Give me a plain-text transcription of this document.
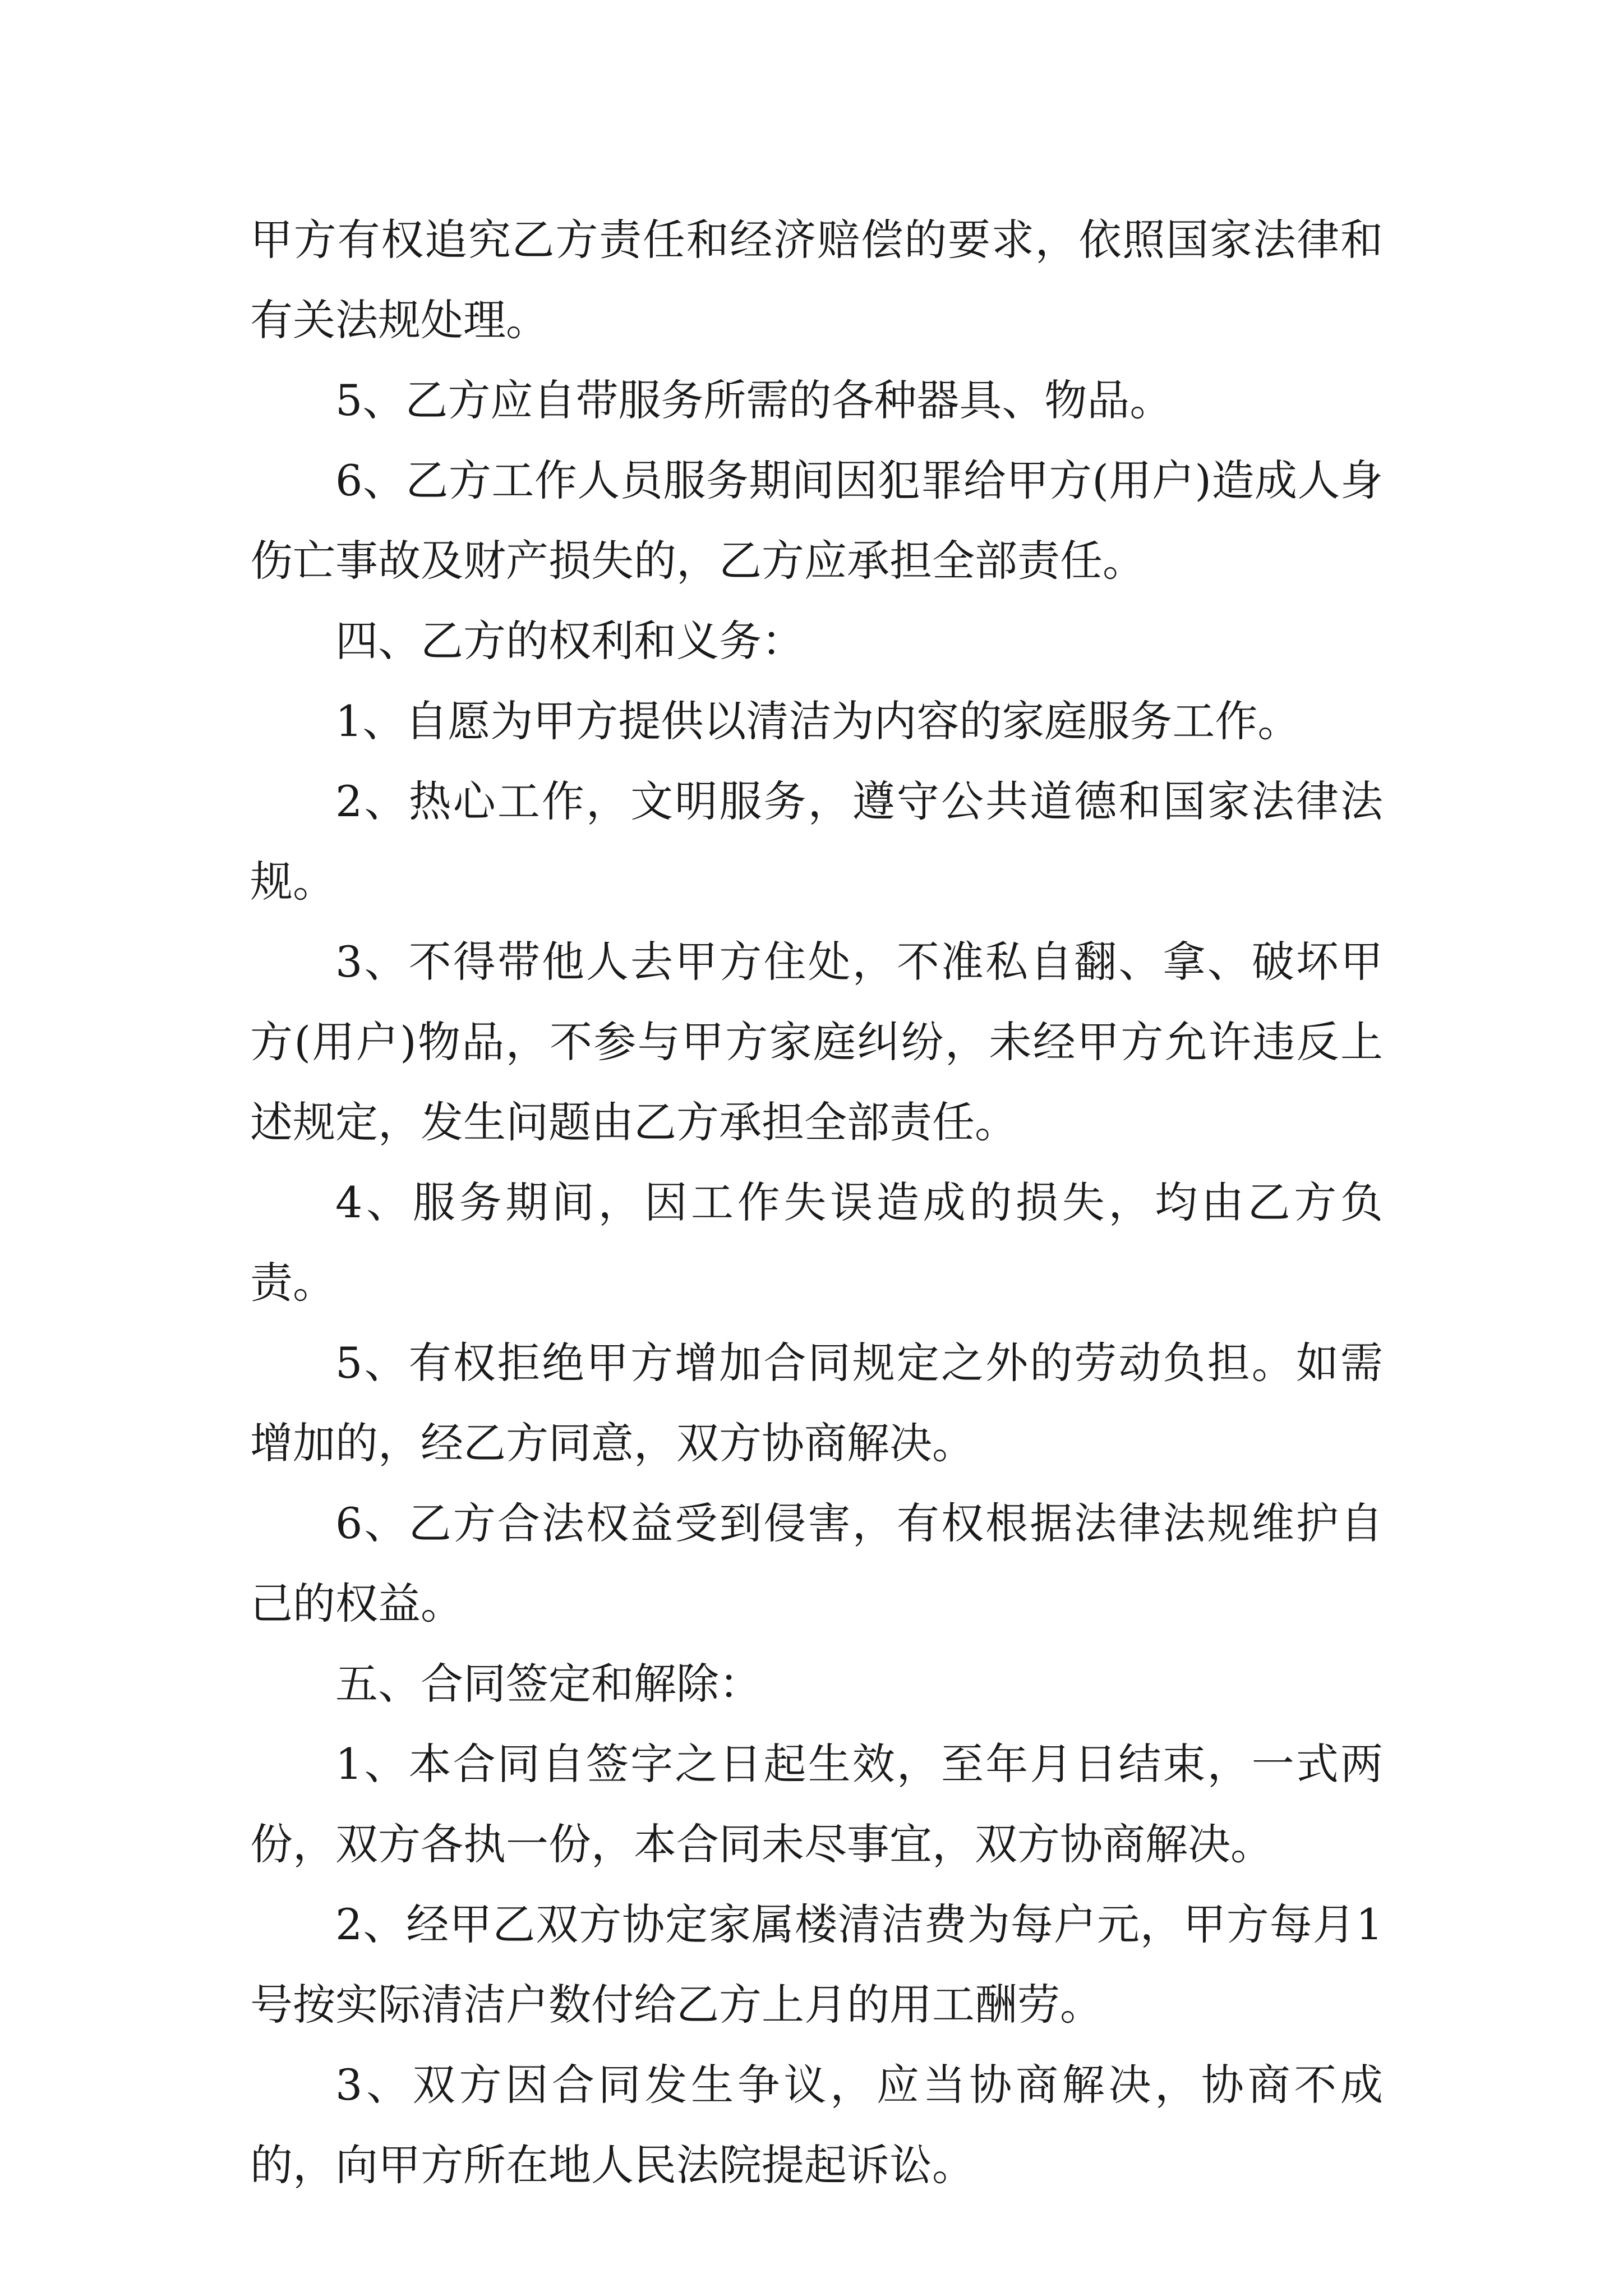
甲方有权追究乙方责任和经济赔偿的要求，依照国家法律和有关法规处理。

5、乙方应自带服务所需的各种器具、物品。

6、乙方工作人员服务期间因犯罪给甲方(用户)造成人身伤亡事故及财产损失的，乙方应承担全部责任。

四、乙方的权利和义务：

1、自愿为甲方提供以清洁为内容的家庭服务工作。

2、热心工作，文明服务，遵守公共道德和国家法律法规。

3、不得带他人去甲方住处，不准私自翻、拿、破坏甲方(用户)物品，不参与甲方家庭纠纷，未经甲方允许违反上述规定，发生问题由乙方承担全部责任。

4、服务期间，因工作失误造成的损失，均由乙方负责。

5、有权拒绝甲方增加合同规定之外的劳动负担。如需增加的，经乙方同意，双方协商解决。

6、乙方合法权益受到侵害，有权根据法律法规维护自己的权益。

五、合同签定和解除：

1、本合同自签字之日起生效，至年月日结束，一式两份，双方各执一份，本合同未尽事宜，双方协商解决。

2、经甲乙双方协定家属楼清洁费为每户元，甲方每月1号按实际清洁户数付给乙方上月的用工酬劳。

3、双方因合同发生争议，应当协商解决，协商不成的，向甲方所在地人民法院提起诉讼。
